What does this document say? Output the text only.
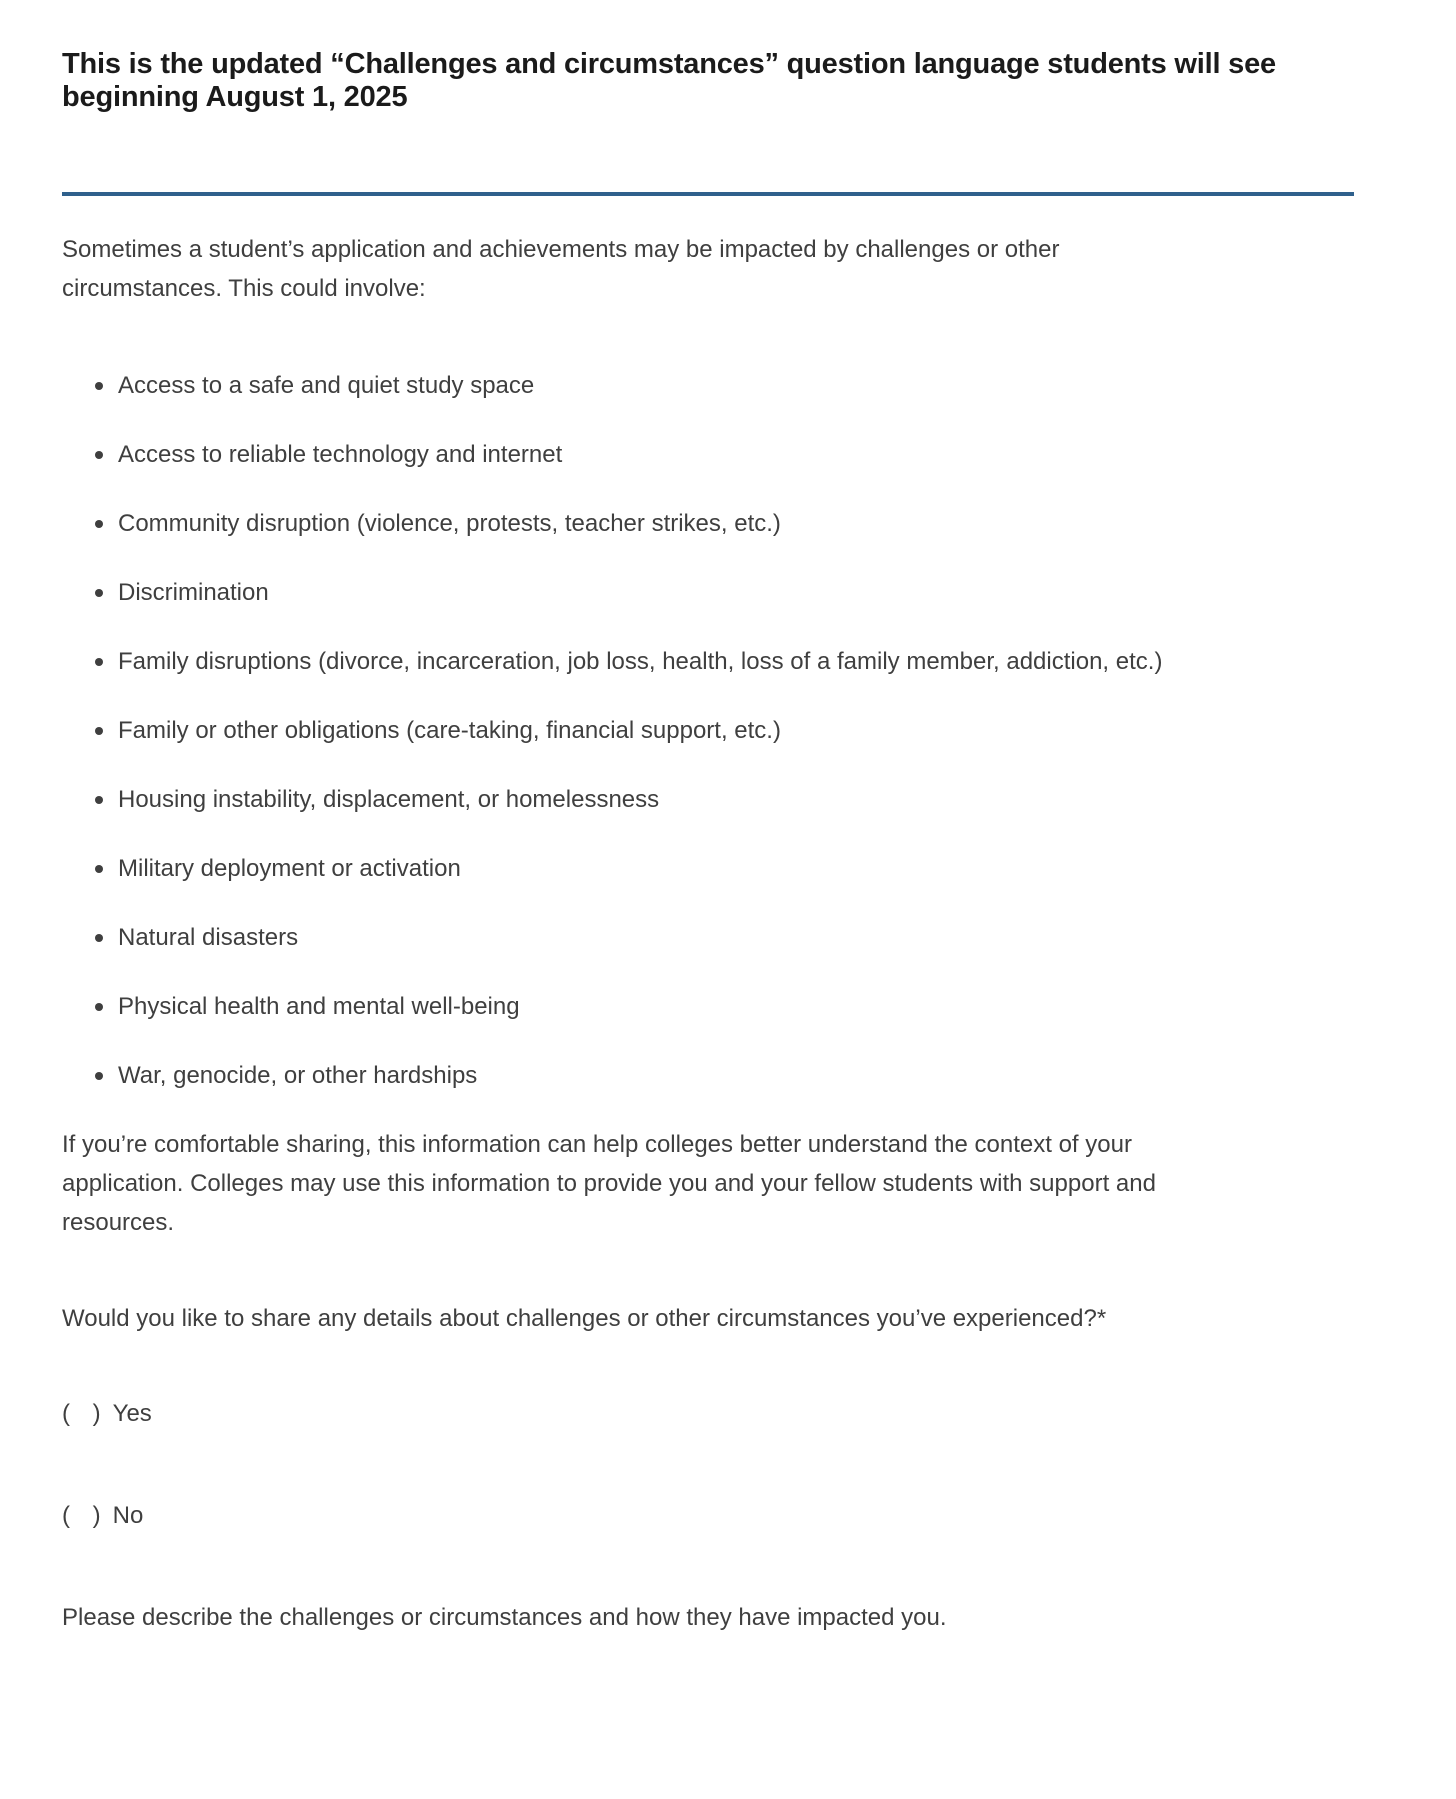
This is the updated “Challenges and circumstances” question language students will see beginning August 1, 2025

Sometimes a student’s application and achievements may be impacted by challenges or other circumstances. This could involve:

Access to a safe and quiet study space
Access to reliable technology and internet
Community disruption (violence, protests, teacher strikes, etc.)
Discrimination
Family disruptions (divorce, incarceration, job loss, health, loss of a family member, addiction, etc.)
Family or other obligations (care-taking, financial support, etc.)
Housing instability, displacement, or homelessness
Military deployment or activation
Natural disasters
Physical health and mental well-being
War, genocide, or other hardships

If you’re comfortable sharing, this information can help colleges better understand the context of your application. Colleges may use this information to provide you and your fellow students with support and resources.

Would you like to share any details about challenges or other circumstances you’ve experienced?*

( ) Yes
( ) No

Please describe the challenges or circumstances and how they have impacted you.
